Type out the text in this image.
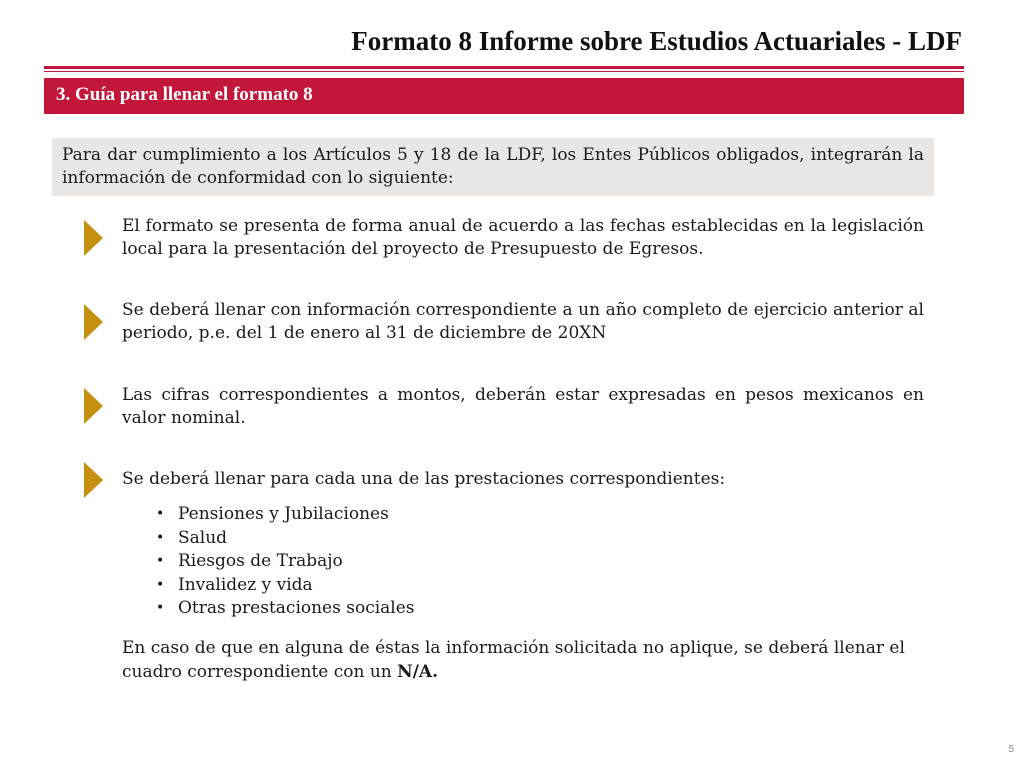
Formato 8 Informe sobre Estudios Actuariales - LDF
3. Guía para llenar el formato 8
Para dar cumplimiento a los Artículos 5 y 18 de la LDF, los Entes Públicos obligados, integrarán la información de conformidad con lo siguiente:
El formato se presenta de forma anual de acuerdo a las fechas establecidas en la legislación local para la presentación del proyecto de Presupuesto de Egresos.
Se deberá llenar con información correspondiente a un año completo de ejercicio anterior al periodo, p.e. del 1 de enero al 31 de diciembre de 20XN
Las cifras correspondientes a montos, deberán estar expresadas en pesos mexicanos en valor nominal.
Se deberá llenar para cada una de las prestaciones correspondientes:
• Pensiones y Jubilaciones
• Salud
• Riesgos de Trabajo
• Invalidez y vida
• Otras prestaciones sociales
En caso de que en alguna de éstas la información solicitada no aplique, se deberá llenar el cuadro correspondiente con un N/A.
5
